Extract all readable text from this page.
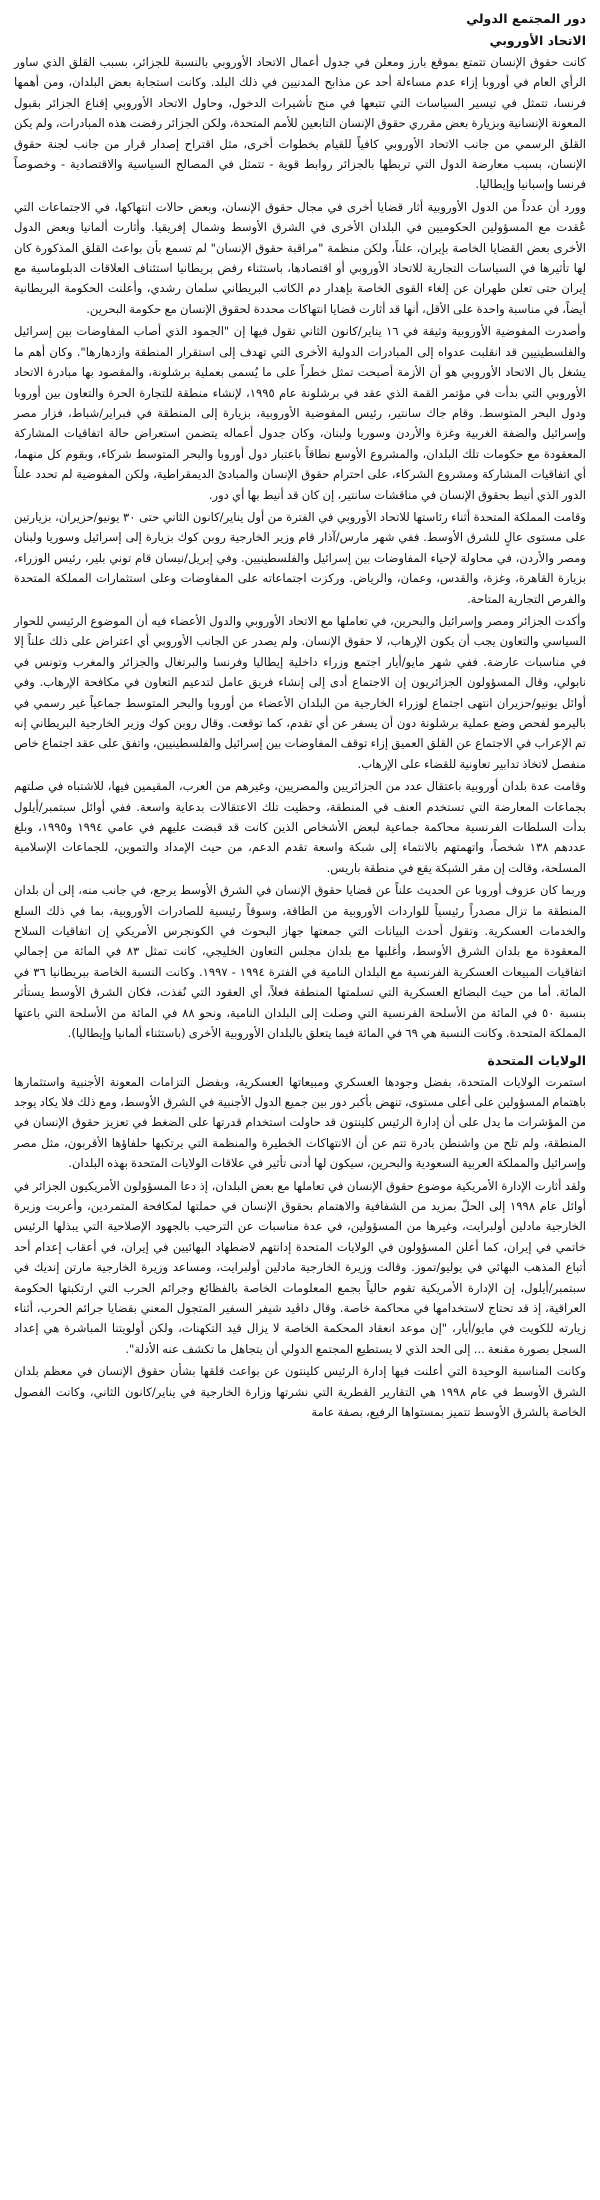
دور المجتمع الدولي
الاتحاد الأوروبي

كانت حقوق الإنسان تتمتع بموقع بارز ومعلن في جدول أعمال الاتحاد الأوروبي بالنسبة للجزائر، بسبب القلق الذي ساور الرأي العام في أوروبا إزاء عدم مساءلة أحد عن مذابح المدنيين في ذلك البلد. وكانت استجابة بعض البلدان، ومن أهمها فرنسا، تتمثل في تيسير السياسات التي تتبعها في منح تأشيرات الدخول، وحاول الاتحاد الأوروبي إقناع الجزائر بقبول المعونة الإنسانية وبزيارة بعض مقرري حقوق الإنسان التابعين للأمم المتحدة، ولكن الجزائر رفضت هذه المبادرات، ولم يكن القلق الرسمي من جانب الاتحاد الأوروبي كافياً للقيام بخطوات أخرى، مثل اقتراح إصدار قرار من جانب لجنة حقوق الإنسان، بسبب معارضة الدول التي تربطها بالجزائر روابط قوية - تتمثل في المصالح السياسية والاقتصادية - وخصوصاً فرنسا وإسبانيا وإيطاليا.

وورد أن عدداً من الدول الأوروبية أثار قضايا أخرى في مجال حقوق الإنسان، وبعض حالات انتهاكها، في الاجتماعات التي عُقدت مع المسؤولين الحكوميين في البلدان الأخرى في الشرق الأوسط وشمال إفريقيا. وأثارت ألمانيا وبعض الدول الأخرى بعض القضايا الخاصة بإيران، علناً، ولكن منظمة "مراقبة حقوق الإنسان" لم تسمع بأن بواعث القلق المذكورة كان لها تأثيرها في السياسات التجارية للاتحاد الأوروبي أو اقتصادها، باستثناء رفض بريطانيا استئناف العلاقات الدبلوماسية مع إيران حتى تعلن طهران عن إلغاء القوى الخاصة بإهدار دم الكاتب البريطاني سلمان رشدي، وأعلنت الحكومة البريطانية أيضاً، في مناسبة واحدة على الأقل، أنها قد أثارت قضايا انتهاكات محددة لحقوق الإنسان مع حكومة البحرين.

وأصدرت المفوضية الأوروبية وثيقة في ١٦ يناير/كانون الثاني تقول فيها إن "الجمود الذي أصاب المفاوضات بين إسرائيل والفلسطينيين قد انقلبت عدواه إلى المبادرات الدولية الأخرى التي تهدف إلى استقرار المنطقة وازدهارها". وكان أهم ما يشغل بال الاتحاد الأوروبي هو أن الأزمة أصبحت تمثل خطراً على ما يُسمى بعملية برشلونة، والمقصود بها مبادرة الاتحاد الأوروبي التي بدأت في مؤتمر القمة الذي عقد في برشلونة عام ١٩٩٥، لإنشاء منطقة للتجارة الحرة والتعاون بين أوروبا ودول البحر المتوسط. وقام جاك سانتير، رئيس المفوضية الأوروبية، بزيارة إلى المنطقة في فبراير/شباط، فزار مصر وإسرائيل والضفة الغربية وغزة والأردن وسوريا ولبنان، وكان جدول أعماله يتضمن استعراض حالة اتفاقيات المشاركة المعقودة مع حكومات تلك البلدان، والمشروع الأوسع نطاقاً باعتبار دول أوروبا والبحر المتوسط شركاء، وبقوم كل منهما، أي اتفاقيات المشاركة ومشروع الشركاء، على احترام حقوق الإنسان والمبادئ الديمقراطية، ولكن المفوضية لم تحدد علناً الدور الذي أنيط بحقوق الإنسان في مناقشات سانتير، إن كان قد أنيط بها أي دور.

وقامت المملكة المتحدة أثناء رئاستها للاتحاد الأوروبي في الفترة من أول يناير/كانون الثاني حتى ٣٠ يونيو/حزيران، بزيارتين على مستوى عالٍ للشرق الأوسط. ففي شهر مارس/آذار قام وزير الخارجية روبن كوك بزيارة إلى إسرائيل وسوريا ولبنان ومصر والأردن، في محاولة لإحياء المفاوضات بين إسرائيل والفلسطينيين. وفي إبريل/نيسان قام توني بلير، رئيس الوزراء، بزيارة القاهرة، وغزة، والقدس، وعمان، والرياض. وركزت اجتماعاته على المفاوضات وعلى استثمارات المملكة المتحدة والفرص التجارية المتاحة.

وأكدت الجزائر ومصر وإسرائيل والبحرين، في تعاملها مع الاتحاد الأوروبي والدول الأعضاء فيه أن الموضوع الرئيسي للحوار السياسي والتعاون يجب أن يكون الإرهاب، لا حقوق الإنسان. ولم يصدر عن الجانب الأوروبي أي اعتراض على ذلك علناً إلا في مناسبات عارضة. ففي شهر مايو/أيار اجتمع وزراء داخلية إيطاليا وفرنسا والبرتغال والجزائر والمغرب وتونس في نابولي، وقال المسؤولون الجزائريون إن الاجتماع أدى إلى إنشاء فريق عامل لتدعيم التعاون في مكافحة الإرهاب. وفي أوائل يونيو/حزيران انتهى اجتماع لوزراء الخارجية من البلدان الأعضاء من أوروبا والبحر المتوسط جماعياً غير رسمي في باليرمو لفحص وضع عملية برشلونة دون أن يسفر عن أي تقدم، كما توقعت. وقال روبن كوك وزير الخارجية البريطاني إنه تم الإعراب في الاجتماع عن القلق العميق إزاء توقف المفاوضات بين إسرائيل والفلسطينيين، واتفق على عقد اجتماع خاص منفصل لاتخاذ تدابير تعاونية للقضاء على الإرهاب.

وقامت عدة بلدان أوروبية باعتقال عدد من الجزائريين والمصريين، وغيرهم من العرب، المقيمين فيها، للاشتباه في صلتهم بجماعات المعارضة التي تستخدم العنف في المنطقة، وحظيت تلك الاعتقالات بدعاية واسعة. ففي أوائل سبتمبر/أيلول بدأت السلطات الفرنسية محاكمة جماعية لبعض الأشخاص الذين كانت قد قبضت عليهم في عامي ١٩٩٤ و١٩٩٥، وبلغ عددهم ١٣٨ شخصاً، واتهمتهم بالانتماء إلى شبكة واسعة تقدم الدعم، من حيث الإمداد والتموين، للجماعات الإسلامية المسلحة، وقالت إن مقر الشبكة يقع في منطقة باريس.

وربما كان عزوف أوروبا عن الحديث علناً عن قضايا حقوق الإنسان في الشرق الأوسط يرجع، في جانب منه، إلى أن بلدان المنطقة ما تزال مصدراً رئيسياً للواردات الأوروبية من الطاقة، وسوقاً رئيسية للصادرات الأوروبية، بما في ذلك السلع والخدمات العسكرية. وتقول أحدث البيانات التي جمعتها جهاز البحوث في الكونجرس الأمريكي إن اتفاقيات السلاح المعقودة مع بلدان الشرق الأوسط، وأغلبها مع بلدان مجلس التعاون الخليجي، كانت تمثل ٨٣ في المائة من إجمالي اتفاقيات المبيعات العسكرية الفرنسية مع البلدان النامية في الفترة ١٩٩٤ - ١٩٩٧. وكانت النسبة الخاصة ببريطانيا ٣٦ في المائة. أما من حيث البضائع العسكرية التي تسلمتها المنطقة فعلاً، أي العقود التي نُفذت، فكان الشرق الأوسط يستأثر بنسبة ٥٠ في المائة من الأسلحة الفرنسية التي وصلت إلى البلدان النامية، ونحو ٨٨ في المائة من الأسلحة التي باعتها المملكة المتحدة. وكانت النسبة هي ٦٩ في المائة فيما يتعلق بالبلدان الأوروبية الأخرى (باستثناء ألمانيا وإيطاليا).

الولايات المتحدة

استمرت الولايات المتحدة، بفضل وجودها العسكري ومبيعاتها العسكرية، وبفضل التزامات المعونة الأجنبية واستثمارها باهتمام المسؤولين على أعلى مستوى، تنهض بأكبر دور بين جميع الدول الأجنبية في الشرق الأوسط، ومع ذلك فلا يكاد يوجد من المؤشرات ما يدل على أن إدارة الرئيس كلينتون قد حاولت استخدام قدرتها على الضغط في تعزيز حقوق الإنسان في المنطقة، ولم تلح من واشنطن بادرة تتم عن أن الانتهاكات الخطيرة والمنظمة التي يرتكبها حلفاؤها الأقربون، مثل مصر وإسرائيل والمملكة العربية السعودية والبحرين، سيكون لها أدنى تأثير في علاقات الولايات المتحدة بهذه البلدان.

ولقد أثارت الإدارة الأمريكية موضوع حقوق الإنسان في تعاملها مع بعض البلدان، إذ دعا المسؤولون الأمريكيون الجزائر في أوائل عام ١٩٩٨ إلى الحلّ بمزيد من الشفافية والاهتمام بحقوق الإنسان في حملتها لمكافحة المتمردين، وأعربت وزيرة الخارجية مادلين أولبرايت، وغيرها من المسؤولين، في عدة مناسبات عن الترحيب بالجهود الإصلاحية التي يبذلها الرئيس خاتمي في إيران، كما أعلن المسؤولون في الولايات المتحدة إدانتهم لاضطهاد البهائيين في إيران، في أعقاب إعدام أحد أتباع المذهب البهائي في يوليو/تموز. وقالت وزيرة الخارجية مادلين أولبرايت، ومساعد وزيرة الخارجية مارتن إنديك في سبتمبر/أيلول، إن الإدارة الأمريكية تقوم حالياً بجمع المعلومات الخاصة بالفظائع وجرائم الحرب التي ارتكبتها الحكومة العراقية، إذ قد تحتاج لاستخدامها في محاكمة خاصة. وقال داڤيد شيفر السفير المتجول المعني بقضايا جرائم الحرب، أثناء زيارته للكويت في مايو/أيار، "إن موعد انعقاد المحكمة الخاصة لا يزال قيد التكهنات، ولكن أولويتنا المباشرة هي إعداد السجل بصورة مقنعة ... إلى الحد الذي لا يستطيع المجتمع الدولي أن يتجاهل ما تكشف عنه الأدلة".

وكانت المناسبة الوحيدة التي أعلنت فيها إدارة الرئيس كلينتون عن بواعث قلقها بشأن حقوق الإنسان في معظم بلدان الشرق الأوسط في عام ١٩٩٨ هي التقارير القطرية التي نشرتها وزارة الخارجية في يناير/كانون الثاني، وكانت الفصول الخاصة بالشرق الأوسط تتميز بمستواها الرفيع، بصفة عامة
